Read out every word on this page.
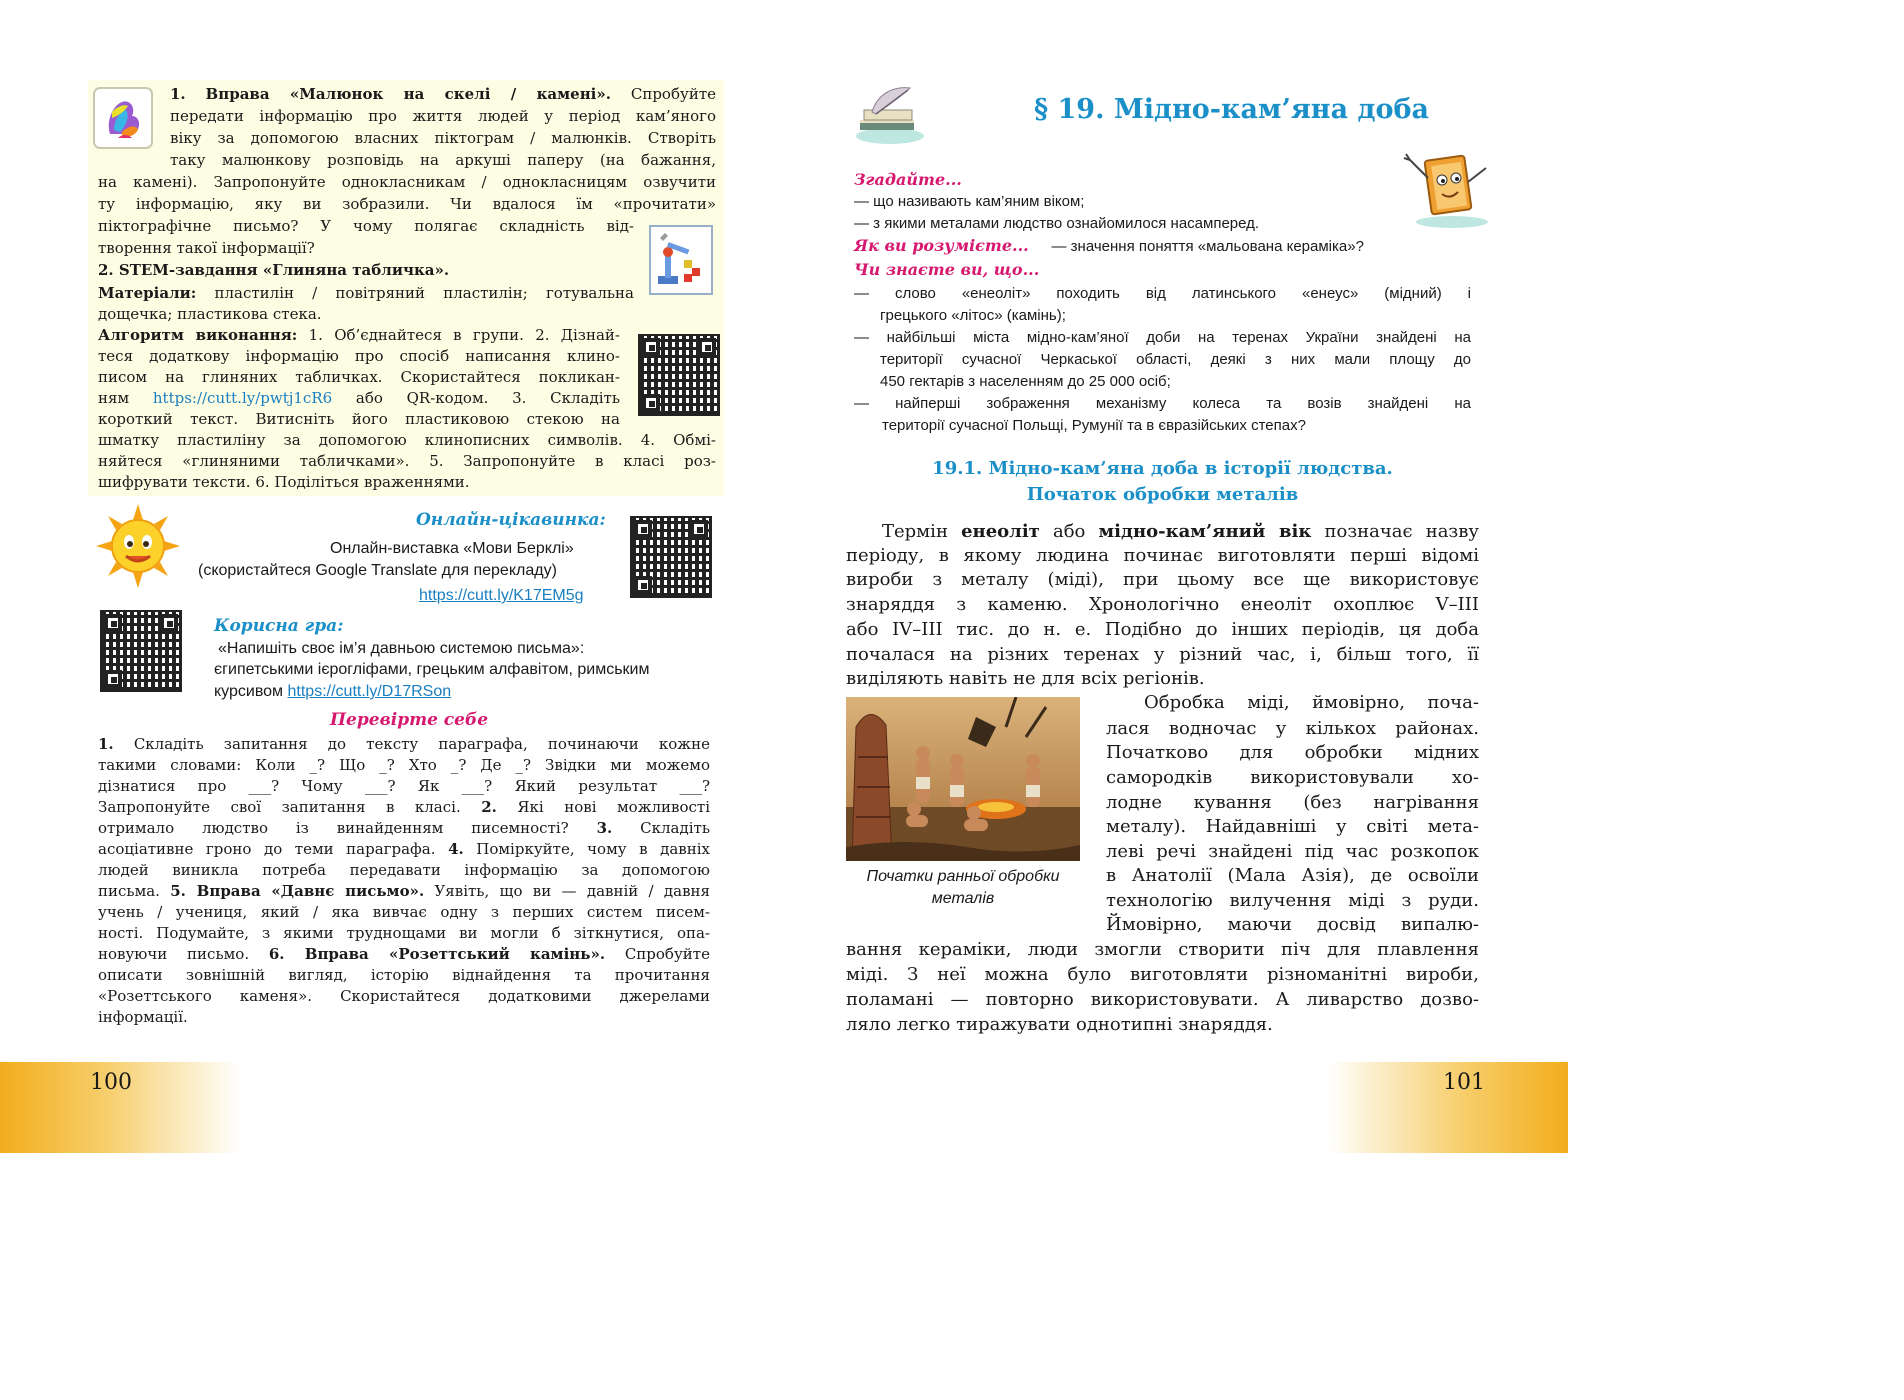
1. Вправа «Малюнок на скелі / камені». Спробуйте
передати інформацію про життя людей у період кам’яного
віку за допомогою власних піктограм / малюнків. Створіть
таку малюнкову розповідь на аркуші паперу (на бажання,
на камені). Запропонуйте однокласникам / однокласницям озвучити
ту інформацію, яку ви зобразили. Чи вдалося їм «прочитати»
піктографічне письмо? У чому полягає складність від-
творення такої інформації?
2. STEM-завдання «Глиняна табличка».
Матеріали: пластилін / повітряний пластилін; готувальна
дощечка; пластикова стека.
Алгоритм виконання: 1. Об’єднайтеся в групи. 2. Дізнай-
теся додаткову інформацію про спосіб написання клино-
писом на глиняних табличках. Скористайтеся покликан-
ням https://cutt.ly/pwtj1cR6 або QR-кодом. 3. Складіть
короткий текст. Витисніть його пластиковою стекою на
шматку пластиліну за допомогою клинописних символів. 4. Обмі-
няйтеся «глиняними табличками». 5. Запропонуйте в класі роз-
шифрувати тексти. 6. Поділіться враженнями.
Онлайн-цікавинка:
Онлайн-виставка «Мови Берклі»
(скористайтеся Google Translate для перекладу)
https://cutt.ly/K17EM5g
Корисна гра:
«Напишіть своє ім’я давньою системою письма»:
єгипетськими ієрогліфами, грецьким алфавітом, римським
курсивом https://cutt.ly/D17RSon
Перевірте себе
1. Складіть запитання до тексту параграфа, починаючи кожне
такими словами: Коли _? Що _? Хто _? Де _? Звідки ми можемо
дізнатися про ___? Чому ___? Як ___? Який результат ___?
Запропонуйте свої запитання в класі. 2. Які нові можливості
отримало людство із винайденням писемності? 3. Складіть
асоціативне гроно до теми параграфа. 4. Поміркуйте, чому в давніх
людей виникла потреба передавати інформацію за допомогою
письма. 5. Вправа «Давнє письмо». Уявіть, що ви — давній / давня
учень / учениця, який / яка вивчає одну з перших систем писем-
ності. Подумайте, з якими труднощами ви могли б зіткнутися, опа-
новуючи письмо. 6. Вправа «Розеттський камінь». Спробуйте
описати зовнішній вигляд, історію віднайдення та прочитання
«Розеттського каменя». Скористайтеся додатковими джерелами
інформації.
100
§ 19. Мідно-кам’яна доба
Згадайте...
— що називають кам’яним віком;
— з якими металами людство ознайомилося насамперед.
Як ви розумієте... — значення поняття «мальована кераміка»?
Чи знаєте ви, що...
— слово «енеоліт» походить від латинського «енеус» (мідний) і
грецького «літос» (камінь);
— найбільші міста мідно-кам’яної доби на теренах України знайдені на
території сучасної Черкаської області, деякі з них мали площу до
450 гектарів з населенням до 25 000 осіб;
— найперші зображення механізму колеса та возів знайдені на
території сучасної Польщі, Румунії та в євразійських степах?
19.1. Мідно-кам’яна доба в історії людства.
Початок обробки металів
Термін енеоліт або мідно-кам’яний вік позначає назву
періоду, в якому людина починає виготовляти перші відомі
вироби з металу (міді), при цьому все ще використовує
знаряддя з каменю. Хронологічно енеоліт охоплює V–III
або IV–III тис. до н. е. Подібно до інших періодів, ця доба
почалася на різних теренах у різний час, і, більш того, її
виділяють навіть не для всіх регіонів.
Початки ранньої обробки
металів
Обробка міді, ймовірно, поча-
лася водночас у кількох районах.
Початково для обробки мідних
самородків використовували хо-
лодне кування (без нагрівання
металу). Найдавніші у світі мета-
леві речі знайдені під час розкопок
в Анатолії (Мала Азія), де освоїли
технологію вилучення міді з руди.
Ймовірно, маючи досвід випалю-
вання кераміки, люди змогли створити піч для плавлення
міді. З неї можна було виготовляти різноманітні вироби,
поламані — повторно використовувати. А ливарство дозво-
ляло легко тиражувати однотипні знаряддя.
101
